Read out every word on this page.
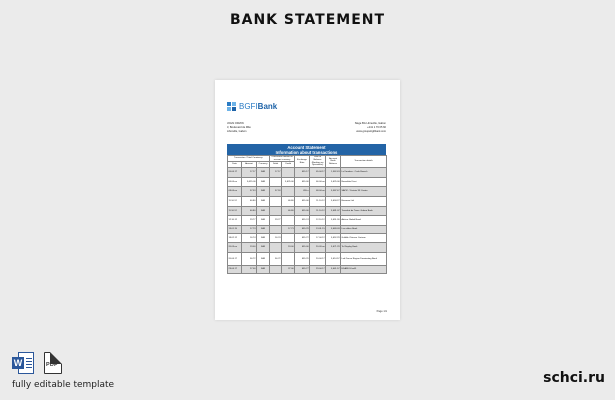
BANK STATEMENT
BGFIBank
JOHN ODIZIN
3, Boulevard de Mlte
Libreville, Gabon
Siège BG Libreville, Gabon
+241 1 76 05 60
www.groupebgfibank.com
Account Statement
Information about transactions
Transaction / Total Countersp.			Transaction amount in account currency		Exchange Rate	Date of Balance (Booking on Operations)	Account Book Balance	Transaction details
Date	Amount	Currency	Debit	Credit				
05.04.17	17.17	XAF	17.17		655.17	05.04.17	1,562.43	Le Fondeur - Cash Branch
06.04.na	5,625.00	XAF		5,625.00	655.00	06.04.na	5,625.00	Bewalabs Dinci
08.04.na	37.53	XAF	37.53		655.x	08.04.na	5,587.47	SAPIC / Certain XF Centre
11.10.12	46.80	XAF		46.80	655.00	11.10.12	5,634.27	Bionema Ltd
11.10.12	46.80	XAF		46.80	655.00	11.10.12	5,681.07	Transfert de Trans. Gabon Bank
12.10.12	29.77	XAF	29.77		655.74	12.10.12	5,651.30	Advise Global Bond
13.01.15	17.73	XAF		17.73	655.78	13.01.15	5,669.03	Live offers Bank
18.02.12	16.74	XAF	16.74		655.72	17.04.12	5,652.29	Gulfdfe Chinese Cartoon
20.03.na	19.00	XAF		19.00	655.00	20.03.na	5,671.29	Tel Deploy Bank
20.04.17	56.72	XAF	56.72		655.76	20.04.17	5,614.57	Lab Dunce Region Dominating Bank
29.04.17	27.00	XAF		27.00	655.77	29.04.17	5,641.57	EDA/NOL/xx01
Page 1/1
W	PDF
fully editable template	schci.ru
